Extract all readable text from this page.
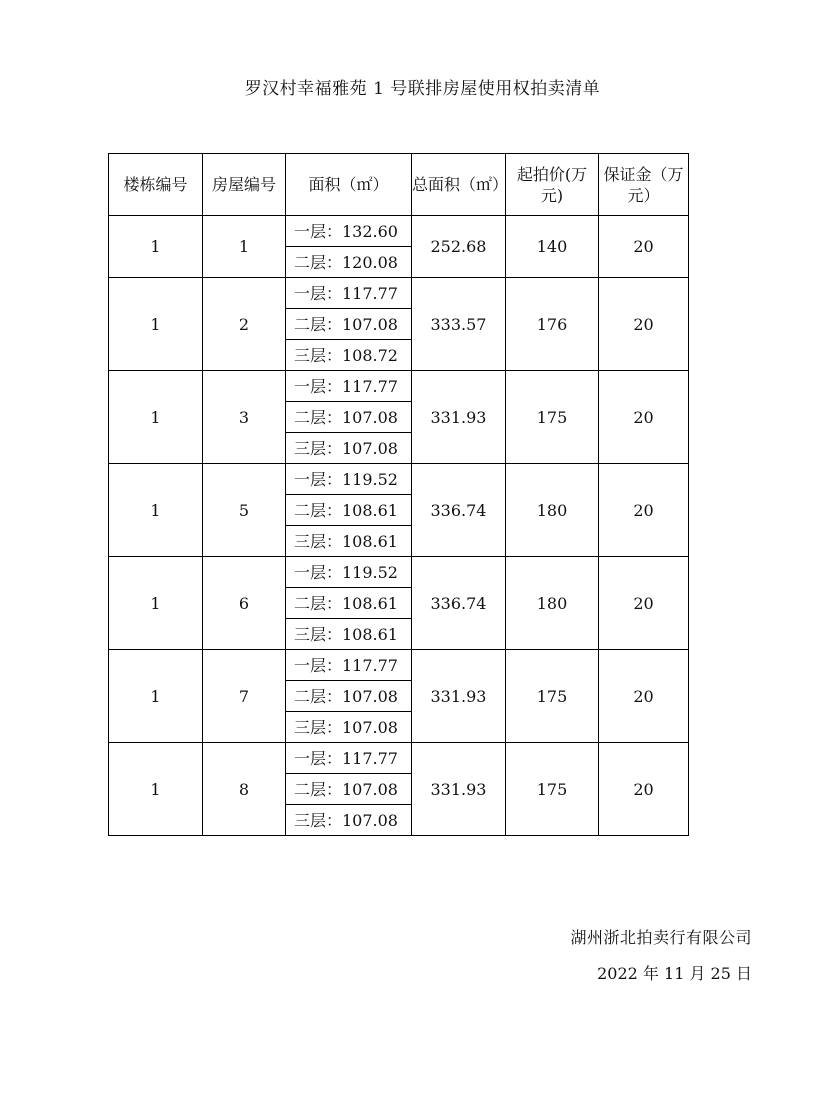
罗汉村幸福雅苑 1 号联排房屋使用权拍卖清单
楼栋编号	房屋编号	面积（㎡）	总面积（㎡）	起拍价(万元)	保证金（万元）
1	1	一层：132.60	252.68	140	20
		二层：120.08			
1	2	一层：117.77	333.57	176	20
		二层：107.08			
		三层：108.72			
1	3	一层：117.77	331.93	175	20
		二层：107.08			
		三层：107.08			
1	5	一层：119.52	336.74	180	20
		二层：108.61			
		三层：108.61			
1	6	一层：119.52	336.74	180	20
		二层：108.61			
		三层：108.61			
1	7	一层：117.77	331.93	175	20
		二层：107.08			
		三层：107.08			
1	8	一层：117.77	331.93	175	20
		二层：107.08			
		三层：107.08			
湖州浙北拍卖行有限公司
2022 年 11 月 25 日
